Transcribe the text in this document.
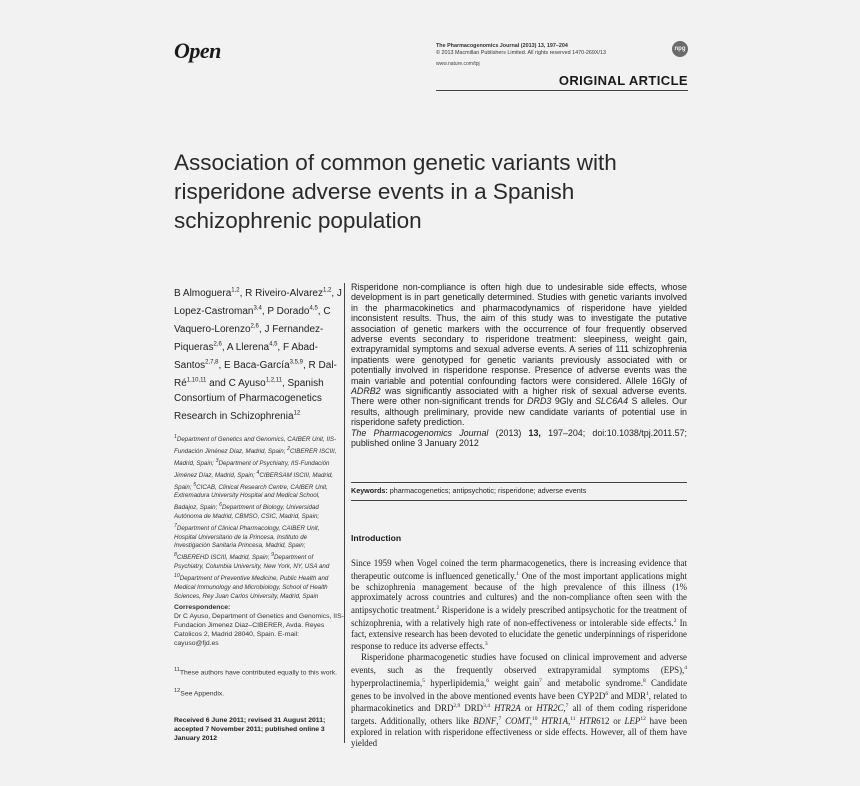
Open	The Pharmacogenomics Journal (2013) 13, 197–204
© 2013 Macmillan Publishers Limited. All rights reserved 1470-269X/13
npg
www.nature.com/tpj
ORIGINAL ARTICLE
Association of common genetic variants with risperidone adverse events in a Spanish schizophrenic population
B Almoguera$^{1,2}$, R Riveiro-Alvarez$^{1,2}$, J Lopez-Castroman$^{3,4}$, P Dorado$^{4,5}$, C Vaquero-Lorenzo$^{2,6}$, J Fernandez-Piqueras$^{2,6}$, A Llerena$^{4,5}$, F Abad-Santos$^{2,7,8}$, E Baca-García$^{3,5,9}$, R Dal-Ré$^{1,10,11}$ and C Ayuso$^{1,2,11}$, Spanish Consortium of Pharmacogenetics Research in Schizophrenia$^{12}$
$^1$Department of Genetics and Genomics, CAIBER Unit, IIS-Fundación Jiménez Díaz, Madrid, Spain; $^2$CIBERER ISCIII, Madrid, Spain; $^3$Department of Psychiatry, IIS-Fundación Jiménez Díaz, Madrid, Spain; $^4$CIBERSAM ISCIII, Madrid, Spain; $^5$CICAB, Clinical Research Centre, CAIBER Unit, Extremadura University Hospital and Medical School, Badajoz, Spain; $^6$Department of Biology, Universidad Autónoma de Madrid, CBMSO, CSIC, Madrid, Spain; $^7$Department of Clinical Pharmacology, CAIBER Unit, Hospital Universitario de la Princesa, Instituto de Investigación Sanitaria Princesa, Madrid, Spain; $^8$CIBEREHD ISCIII, Madrid, Spain; $^9$Department of Psychiatry, Columbia University, New York, NY, USA and $^{10}$Department of Preventive Medicine, Public Health and Medical Immunology and Microbiology, School of Health Sciences, Rey Juan Carlos University, Madrid, Spain
Correspondence:
Dr C Ayuso, Department of Genetics and Genomics, IIS-Fundacion Jimenez Diaz–CIBERER, Avda. Reyes Catolicos 2, Madrid 28040, Spain. E-mail: cayuso@fjd.es

$^{11}$These authors have contributed equally to this work.

$^{12}$See Appendix.

Received 6 June 2011; revised 31 August 2011; accepted 7 November 2011; published online 3 January 2012
Risperidone non-compliance is often high due to undesirable side effects, whose development is in part genetically determined. Studies with genetic variants involved in the pharmacokinetics and pharmacodynamics of risperidone have yielded inconsistent results. Thus, the aim of this study was to investigate the putative association of genetic markers with the occurrence of four frequently observed adverse events secondary to risperidone treatment: sleepiness, weight gain, extrapyramidal symptoms and sexual adverse events. A series of 111 schizophrenia inpatients were genotyped for genetic variants previously associated with or potentially involved in risperidone response. Presence of adverse events was the main variable and potential confounding factors were considered. Allele 16Gly of ADRB2 was significantly associated with a higher risk of sexual adverse events. There were other non-significant trends for DRD3 9Gly and SLC6A4 S alleles. Our results, although preliminary, provide new candidate variants of potential use in risperidone safety prediction.
The Pharmacogenomics Journal (2013) 13, 197–204; doi:10.1038/tpj.2011.57; published online 3 January 2012
Keywords: pharmacogenetics; antipsychotic; risperidone; adverse events
Introduction

Since 1959 when Vogel coined the term pharmacogenetics, there is increasing evidence that therapeutic outcome is influenced genetically.$^1$ One of the most important applications might be schizophrenia management because of the high prevalence of this illness (1% approximately across countries and cultures) and the non-compliance often seen with the antipsychotic treatment.$^2$ Risperidone is a widely prescribed antipsychotic for the treatment of schizophrenia, with a relatively high rate of non-effectiveness or intolerable side effects.$^2$ In fact, extensive research has been devoted to elucidate the genetic underpinnings of risperidone response to reduce its adverse effects.$^3$

Risperidone pharmacogenetic studies have focused on clinical improvement and adverse events, such as the frequently observed extrapyramidal symptoms (EPS),$^4$ hyperprolactinemia,$^5$ hyperlipidemia,$^6$ weight gain$^7$ and metabolic syndrome.$^8$ Candidate genes to be involved in the above mentioned events have been $CYP2D^6$ and MDR$^1$, related to pharmacokinetics and DRD$^{2,9}$ DRD$^{3,4}$ HTR2A or HTR2C,$^7$ all of them coding risperidone targets. Additionally, others like BDNF,$^7$ COMT,$^{10}$ HTR1A,$^{11}$ HTR612 or LEP$^{12}$ have been explored in relation with risperidone effectiveness or side effects. However, all of them have yielded
